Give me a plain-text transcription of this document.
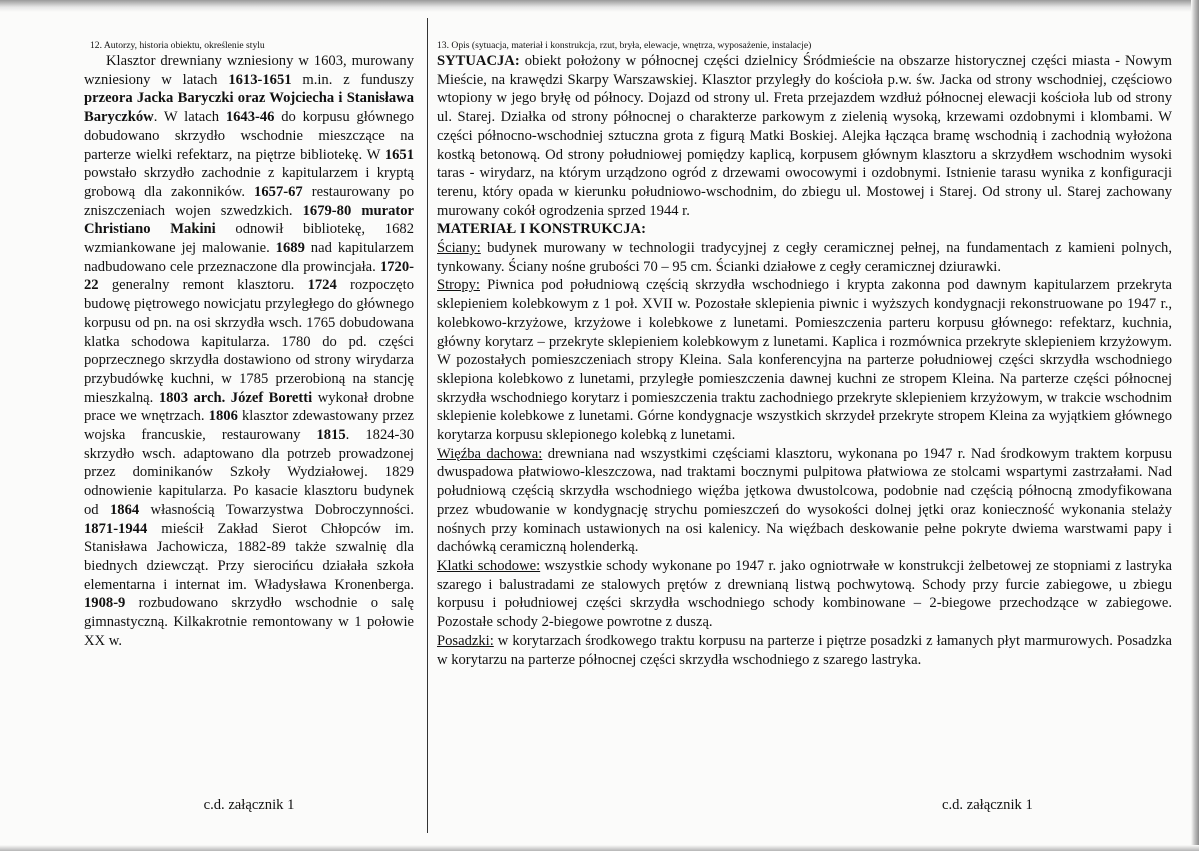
12. Autorzy, historia obiektu, określenie stylu

Klasztor drewniany wzniesiony w 1603, murowany wzniesiony w latach 1613-1651 m.in. z funduszy przeora Jacka Baryczki oraz Wojciecha i Stanisława Baryczków. W latach 1643-46 do korpusu głównego dobudowano skrzydło wschodnie mieszczące na parterze wielki refektarz, na piętrze bibliotekę. W 1651 powstało skrzydło zachodnie z kapitularzem i kryptą grobową dla zakonników. 1657-67 restaurowany po zniszczeniach wojen szwedzkich. 1679-80 murator Christiano Makini odnowił bibliotekę, 1682 wzmiankowane jej malowanie. 1689 nad kapitularzem nadbudowano cele przeznaczone dla prowincjała. 1720-22 generalny remont klasztoru. 1724 rozpoczęto budowę piętrowego nowicjatu przyległego do głównego korpusu od pn. na osi skrzydła wsch. 1765 dobudowana klatka schodowa kapitularza. 1780 do pd. części poprzecznego skrzydła dostawiono od strony wirydarza przybudówkę kuchni, w 1785 przerobioną na stancję mieszkalną. 1803 arch. Józef Boretti wykonał drobne prace we wnętrzach. 1806 klasztor zdewastowany przez wojska francuskie, restaurowany 1815. 1824-30 skrzydło wsch. adaptowano dla potrzeb prowadzonej przez dominikanów Szkoły Wydziałowej. 1829 odnowienie kapitularza. Po kasacie klasztoru budynek od 1864 własnością Towarzystwa Dobroczynności. 1871-1944 mieścił Zakład Sierot Chłopców im. Stanisława Jachowicza, 1882-89 także szwalnię dla biednych dziewcząt. Przy sierocińcu działała szkoła elementarna i internat im. Władysława Kronenberga. 1908-9 rozbudowano skrzydło wschodnie o salę gimnastyczną. Kilkakrotnie remontowany w 1 połowie XX w.

c.d. załącznik 1
13. Opis (sytuacja, materiał i konstrukcja, rzut, bryła, elewacje, wnętrza, wyposażenie, instalacje)

SYTUACJA: obiekt położony w północnej części dzielnicy Śródmieście na obszarze historycznej części miasta - Nowym Mieście, na krawędzi Skarpy Warszawskiej. Klasztor przyległy do kościoła p.w. św. Jacka od strony wschodniej, częściowo wtopiony w jego bryłę od północy. Dojazd od strony ul. Freta przejazdem wzdłuż północnej elewacji kościoła lub od strony ul. Starej. Działka od strony północnej o charakterze parkowym z zielenią wysoką, krzewami ozdobnymi i klombami. W części północno-wschodniej sztuczna grota z figurą Matki Boskiej. Alejka łącząca bramę wschodnią i zachodnią wyłożona kostką betonową. Od strony południowej pomiędzy kaplicą, korpusem głównym klasztoru a skrzydłem wschodnim wysoki taras - wirydarz, na którym urządzono ogród z drzewami owocowymi i ozdobnymi. Istnienie tarasu wynika z konfiguracji terenu, który opada w kierunku południowo-wschodnim, do zbiegu ul. Mostowej i Starej. Od strony ul. Starej zachowany murowany cokół ogrodzenia sprzed 1944 r.

MATERIAŁ I KONSTRUKCJA:

Ściany: budynek murowany w technologii tradycyjnej z cegły ceramicznej pełnej, na fundamentach z kamieni polnych, tynkowany. Ściany nośne grubości 70 – 95 cm. Ścianki działowe z cegły ceramicznej dziurawki.

Stropy: Piwnica pod południową częścią skrzydła wschodniego i krypta zakonna pod dawnym kapitularzem przekryta sklepieniem kolebkowym z 1 poł. XVII w. Pozostałe sklepienia piwnic i wyższych kondygnacji rekonstruowane po 1947 r., kolebkowo-krzyżowe, krzyżowe i kolebkowe z lunetami. Pomieszczenia parteru korpusu głównego: refektarz, kuchnia, główny korytarz – przekryte sklepieniem kolebkowym z lunetami. Kaplica i rozmównica przekryte sklepieniem krzyżowym. W pozostałych pomieszczeniach stropy Kleina. Sala konferencyjna na parterze południowej części skrzydła wschodniego sklepiona kolebkowo z lunetami, przyległe pomieszczenia dawnej kuchni ze stropem Kleina. Na parterze części północnej skrzydła wschodniego korytarz i pomieszczenia traktu zachodniego przekryte sklepieniem krzyżowym, w trakcie wschodnim sklepienie kolebkowe z lunetami. Górne kondygnacje wszystkich skrzydeł przekryte stropem Kleina za wyjątkiem głównego korytarza korpusu sklepionego kolebką z lunetami.

Więźba dachowa: drewniana nad wszystkimi częściami klasztoru, wykonana po 1947 r. Nad środkowym traktem korpusu dwuspadowa płatwiowo-kleszczowa, nad traktami bocznymi pulpitowa płatwiowa ze stolcami wspartymi zastrzałami. Nad południową częścią skrzydła wschodniego więźba jętkowa dwustolcowa, podobnie nad częścią północną zmodyfikowana przez wbudowanie w kondygnację strychu pomieszczeń do wysokości dolnej jętki oraz konieczność wykonania stelaży nośnych przy kominach ustawionych na osi kalenicy. Na więźbach deskowanie pełne pokryte dwiema warstwami papy i dachówką ceramiczną holenderką.

Klatki schodowe: wszystkie schody wykonane po 1947 r. jako ogniotrwałe w konstrukcji żelbetowej ze stopniami z lastryka szarego i balustradami ze stalowych prętów z drewnianą listwą pochwytową. Schody przy furcie zabiegowe, u zbiegu korpusu i południowej części skrzydła wschodniego schody kombinowane – 2-biegowe przechodzące w zabiegowe. Pozostałe schody 2-biegowe powrotne z duszą.

Posadzki: w korytarzach środkowego traktu korpusu na parterze i piętrze posadzki z łamanych płyt marmurowych. Posadzka w korytarzu na parterze północnej części skrzydła wschodniego z szarego lastryka.

c.d. załącznik 1
